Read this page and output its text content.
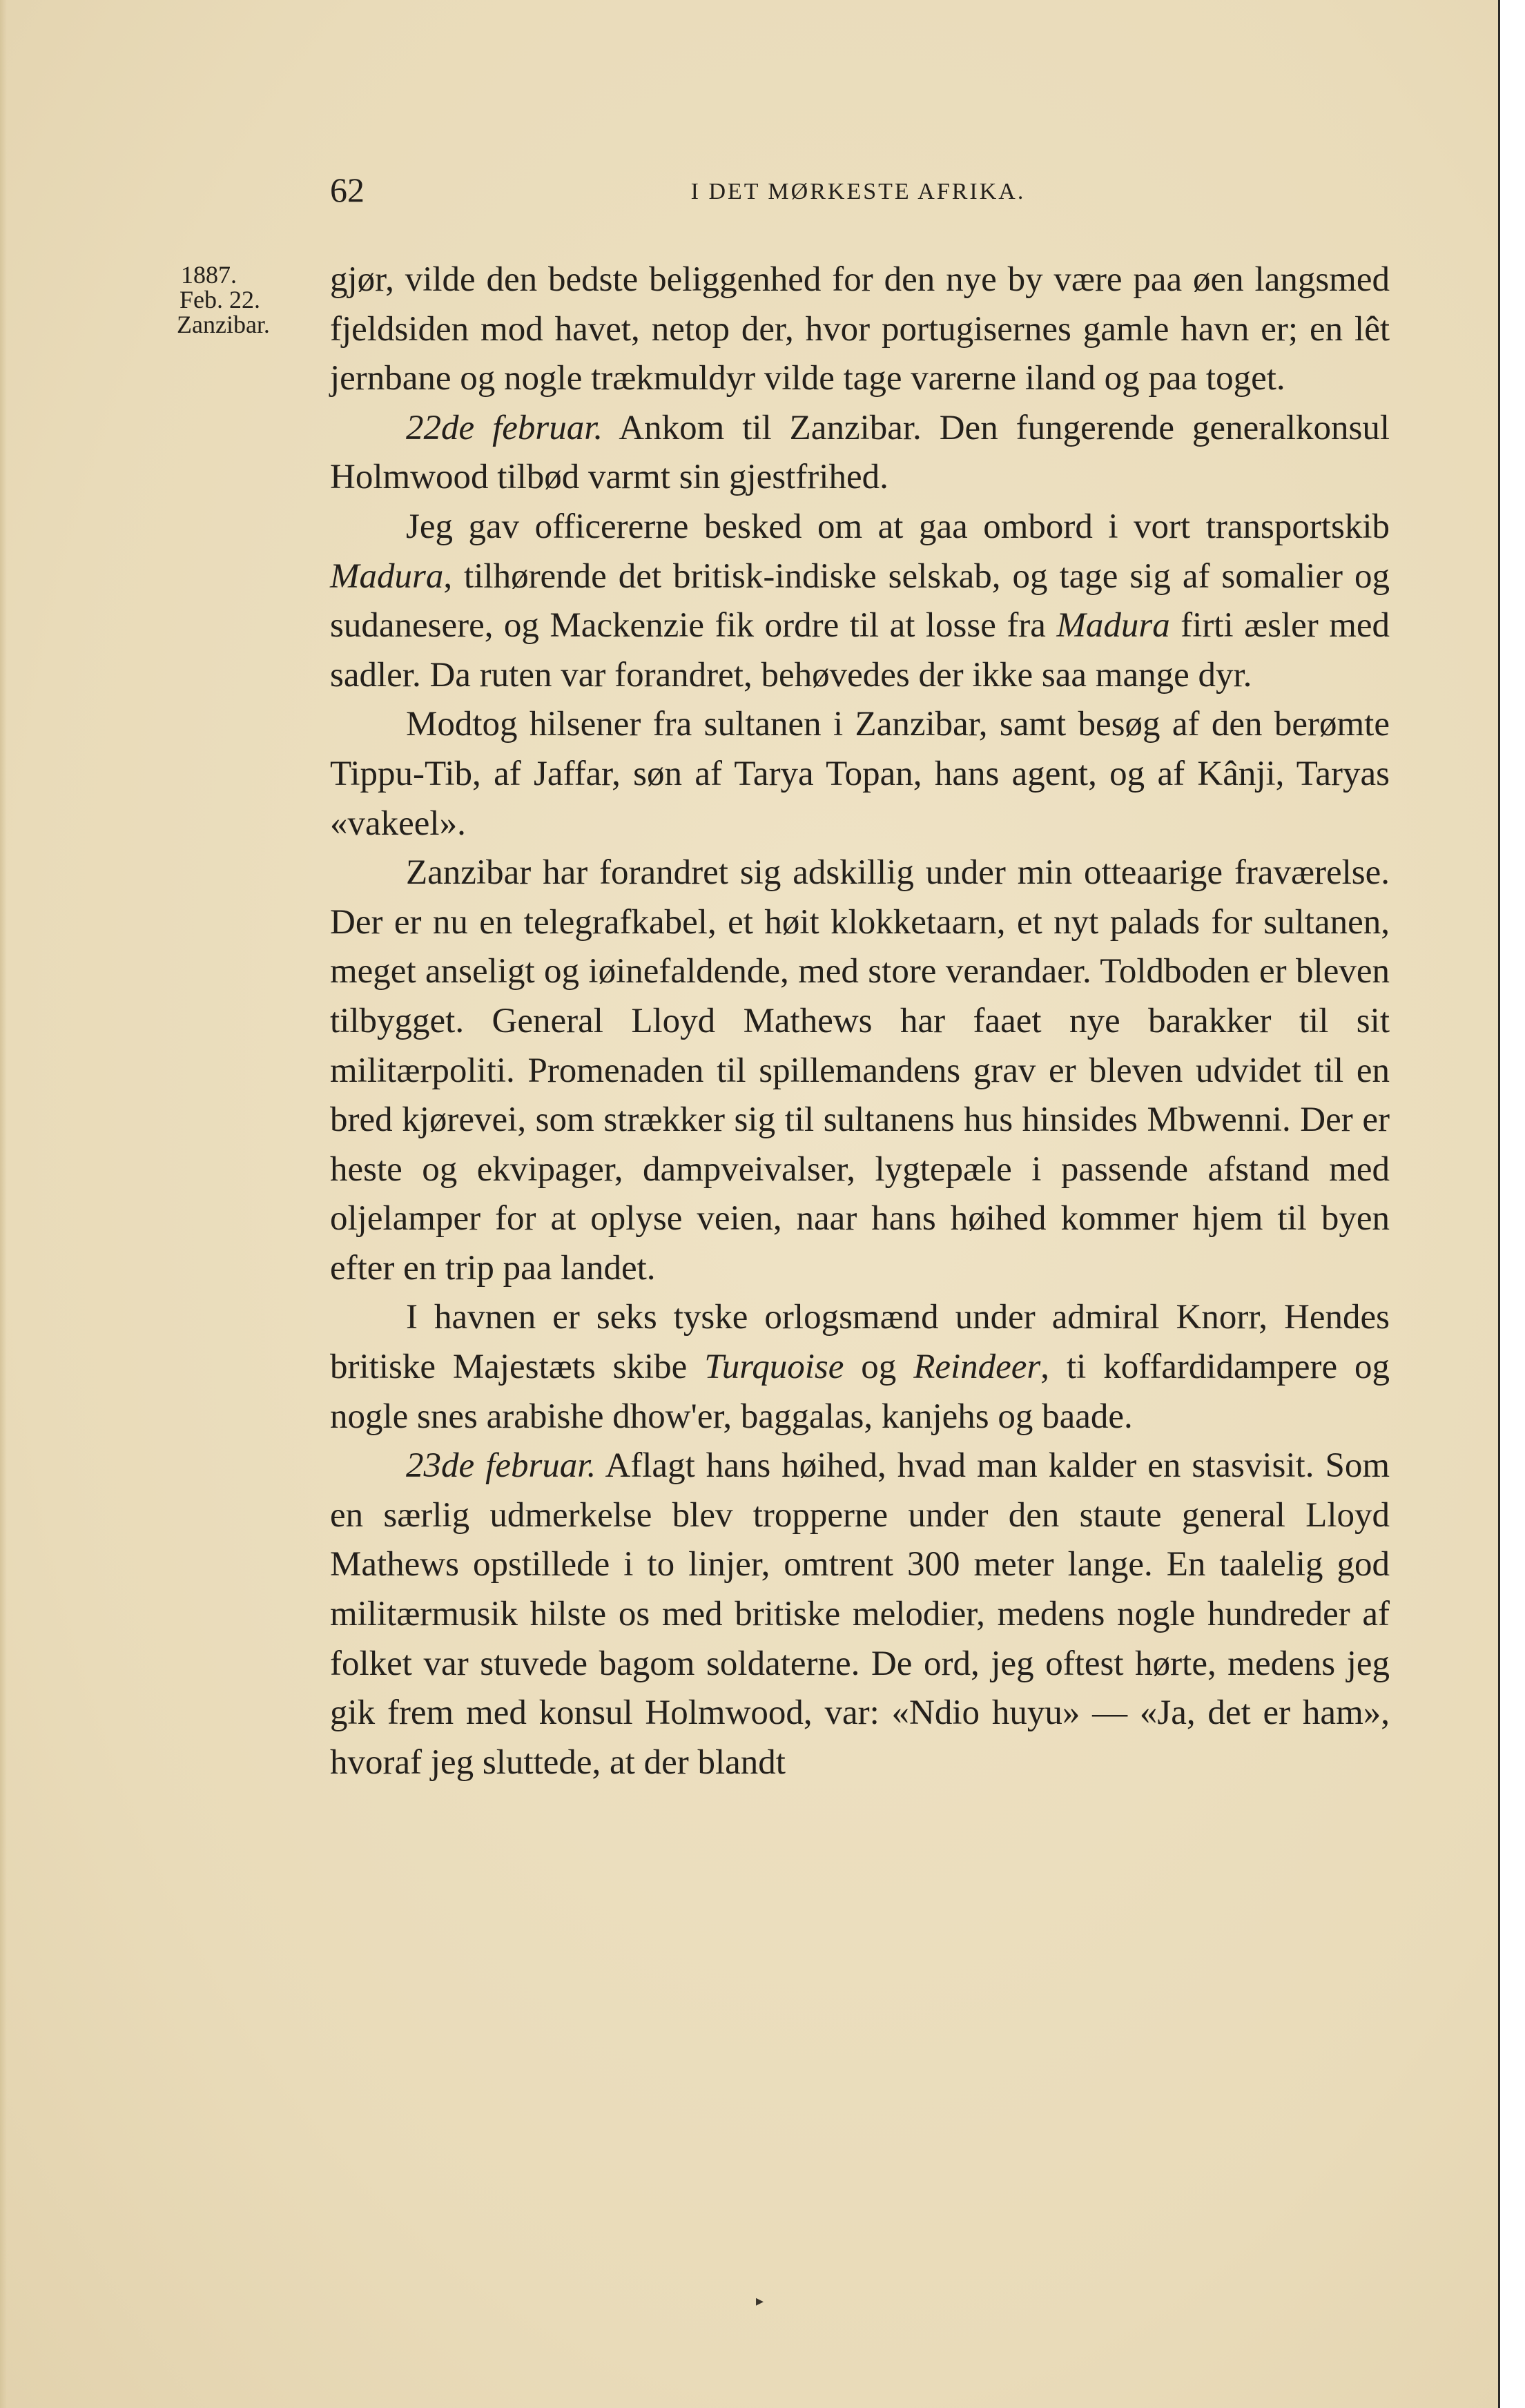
62	I DET MØRKESTE AFRIKA.
1887.
Feb. 22.
Zanzibar.

gjør, vilde den bedste beliggenhed for den nye by være paa øen langsmed fjeldsiden mod havet, netop der, hvor portugisernes gamle havn er; en lêt jernbane og nogle trækmuldyr vilde tage varerne iland og paa toget.

22de februar. Ankom til Zanzibar. Den fungerende generalkonsul Holmwood tilbød varmt sin gjestfrihed.

Jeg gav officererne besked om at gaa ombord i vort transportskib Madura, tilhørende det britisk-indiske selskab, og tage sig af somalier og sudanesere, og Mackenzie fik ordre til at losse fra Madura firti æsler med sadler. Da ruten var forandret, behøvedes der ikke saa mange dyr.

Modtog hilsener fra sultanen i Zanzibar, samt besøg af den berømte Tippu-Tib, af Jaffar, søn af Tarya Topan, hans agent, og af Kânji, Taryas «vakeel».

Zanzibar har forandret sig adskillig under min otteaarige fraværelse. Der er nu en telegrafkabel, et høit klokketaarn, et nyt palads for sultanen, meget anseligt og iøinefaldende, med store verandaer. Toldboden er bleven tilbygget. General Lloyd Mathews har faaet nye barakker til sit militærpoliti. Promenaden til spillemandens grav er bleven udvidet til en bred kjørevei, som strækker sig til sultanens hus hinsides Mbwenni. Der er heste og ekvipager, dampveivalser, lygtepæle i passende afstand med oljelamper for at oplyse veien, naar hans høihed kommer hjem til byen efter en trip paa landet.

I havnen er seks tyske orlogsmænd under admiral Knorr, Hendes britiske Majestæts skibe Turquoise og Reindeer, ti koffardidampere og nogle snes arabishe dhow'er, baggalas, kanjehs og baade.

23de februar. Aflagt hans høihed, hvad man kalder en stasvisit. Som en særlig udmerkelse blev tropperne under den staute general Lloyd Mathews opstillede i to linjer, omtrent 300 meter lange. En taalelig god militærmusik hilste os med britiske melodier, medens nogle hundreder af folket var stuvede bagom soldaterne. De ord, jeg oftest hørte, medens jeg gik frem med konsul Holmwood, var: «Ndio huyu» — «Ja, det er ham», hvoraf jeg sluttede, at der blandt

▸
